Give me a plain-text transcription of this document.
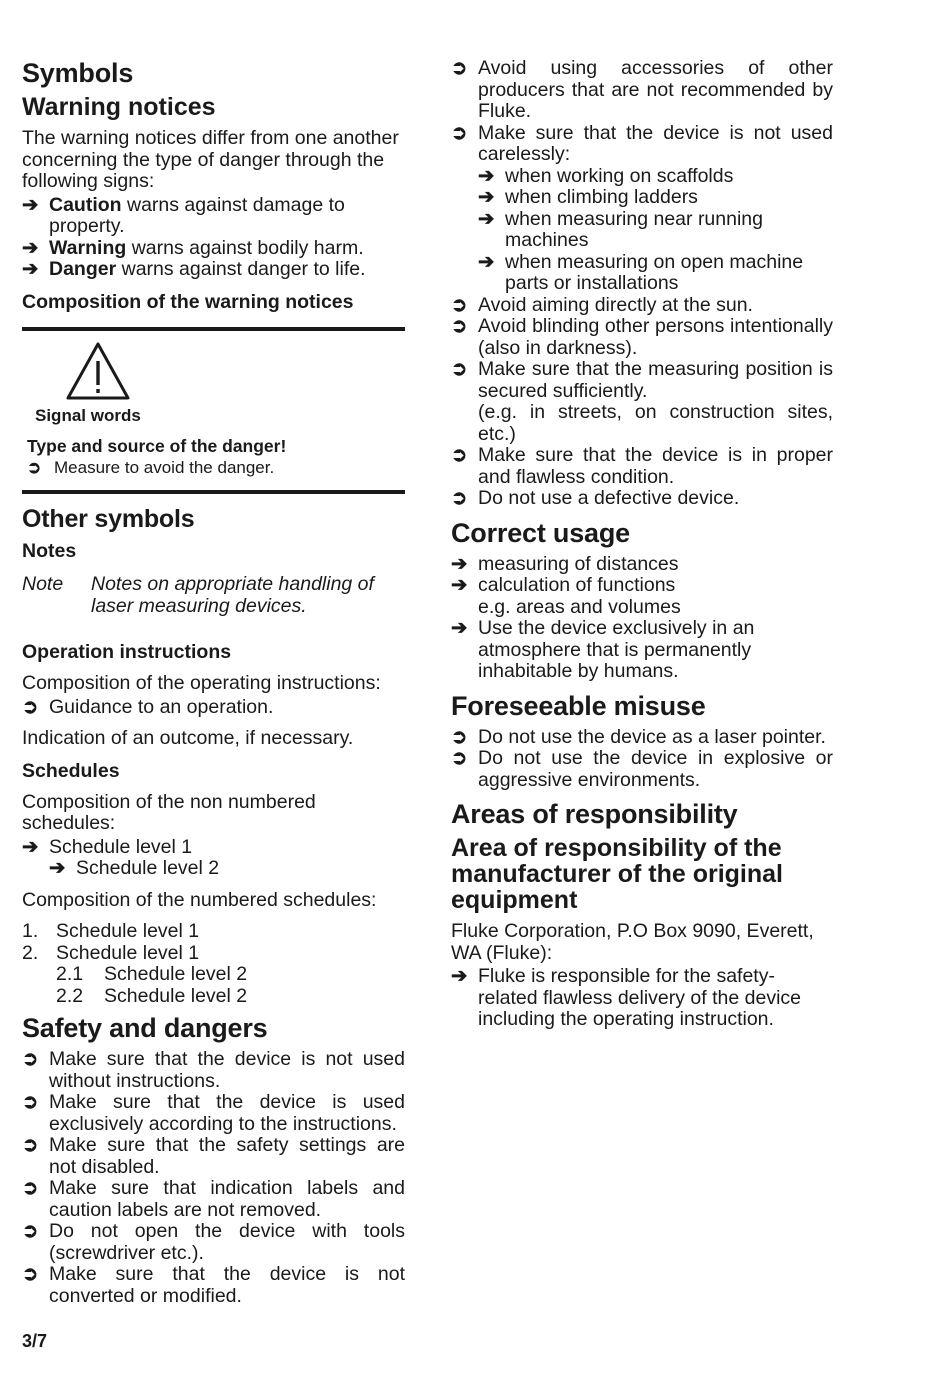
Symbols
Warning notices

The warning notices differ from one another concerning the type of danger through the following signs:

➔ Caution warns against damage to property.
➔ Warning warns against bodily harm.
➔ Danger warns against danger to life.
Composition of the warning notices
Signal words
Type and source of the danger!
➲ Measure to avoid the danger.
Other symbols
Notes
Note	Notes on appropriate handling of laser measuring devices.
Operation instructions

Composition of the operating instructions:

➲ Guidance to an operation.

Indication of an outcome, if necessary.

Schedules

Composition of the non numbered schedules:

➔ Schedule level 1
➔ Schedule level 2

Composition of the numbered schedules:

1. Schedule level 1
2. Schedule level 1
2.1	Schedule level 2
2.2	Schedule level 2
Safety and dangers
➲ Make sure that the device is not used without instructions.
➲ Make sure that the device is used exclusively according to the instructions.
➲ Make sure that the safety settings are not disabled.
➲ Make sure that indication labels and caution labels are not removed.
➲ Do not open the device with tools (screwdriver etc.).
➲ Make sure that the device is not converted or modified.
➲ Avoid using accessories of other producers that are not recommended by Fluke.
➲ Make sure that the device is not used carelessly:
➔ when working on scaffolds
➔ when climbing ladders
➔ when measuring near running machines
➔ when measuring on open machine parts or installations
➲ Avoid aiming directly at the sun.
➲ Avoid blinding other persons intentionally (also in darkness).
➲ Make sure that the measuring position is secured sufficiently.
(e.g. in streets, on construction sites, etc.)
➲ Make sure that the device is in proper and flawless condition.
➲ Do not use a defective device.
Correct usage
➔ measuring of distances
➔ calculation of functions
e.g. areas and volumes
➔ Use the device exclusively in an atmosphere that is permanently inhabitable by humans.
Foreseeable misuse
➲ Do not use the device as a laser pointer.
➲ Do not use the device in explosive or aggressive environments.
Areas of responsibility
Area of responsibility of the manufacturer of the original equipment

Fluke Corporation, P.O Box 9090, Everett, WA (Fluke):

➔ Fluke is responsible for the safety-related flawless delivery of the device including the operating instruction.
3/7
